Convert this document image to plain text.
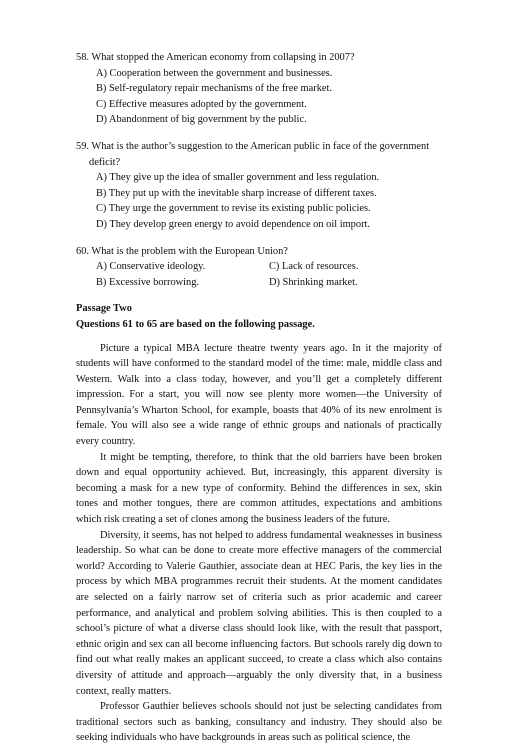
58. What stopped the American economy from collapsing in 2007?
A) Cooperation between the government and businesses.
B) Self-regulatory repair mechanisms of the free market.
C) Effective measures adopted by the government.
D) Abandonment of big government by the public.
59. What is the author’s suggestion to the American public in face of the government
deficit?
A) They give up the idea of smaller government and less regulation.
B) They put up with the inevitable sharp increase of different taxes.
C) They urge the government to revise its existing public policies.
D) They develop green energy to avoid dependence on oil import.
60. What is the problem with the European Union?
A) Conservative ideology.	C) Lack of resources.
B) Excessive borrowing.	D) Shrinking market.
Passage Two
Questions 61 to 65 are based on the following passage.

Picture a typical MBA lecture theatre twenty years ago. In it the majority of students will have conformed to the standard model of the time: male, middle class and Western. Walk into a class today, however, and you’ll get a completely different impression. For a start, you will now see plenty more women—the University of Pennsylvania’s Wharton School, for example, boasts that 40% of its new enrolment is female. You will also see a wide range of ethnic groups and nationals of practically every country.

It might be tempting, therefore, to think that the old barriers have been broken down and equal opportunity achieved. But, increasingly, this apparent diversity is becoming a mask for a new type of conformity. Behind the differences in sex, skin tones and mother tongues, there are common attitudes, expectations and ambitions which risk creating a set of clones among the business leaders of the future.

Diversity, it seems, has not helped to address fundamental weaknesses in business leadership. So what can be done to create more effective managers of the commercial world? According to Valerie Gauthier, associate dean at HEC Paris, the key lies in the process by which MBA programmes recruit their students. At the moment candidates are selected on a fairly narrow set of criteria such as prior academic and career performance, and analytical and problem solving abilities. This is then coupled to a school’s picture of what a diverse class should look like, with the result that passport, ethnic origin and sex can all become influencing factors. But schools rarely dig down to find out what really makes an applicant succeed, to create a class which also contains diversity of attitude and approach—arguably the only diversity that, in a business context, really matters.

Professor Gauthier believes schools should not just be selecting candidates from traditional sectors such as banking, consultancy and industry. They should also be seeking individuals who have backgrounds in areas such as political science, the
